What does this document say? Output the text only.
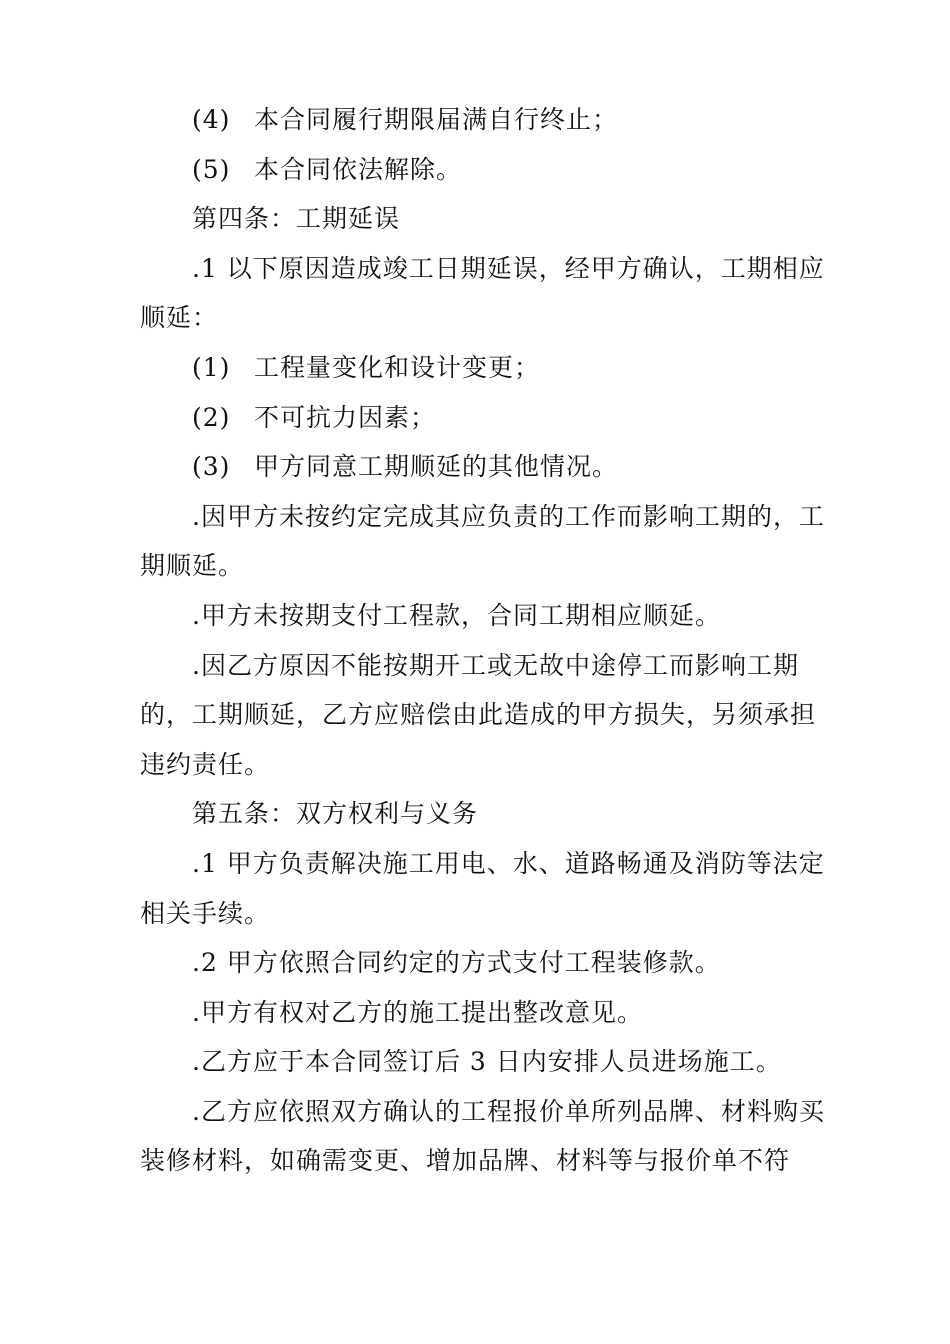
(4) 本合同履行期限届满自行终止；
(5) 本合同依法解除。
第四条：工期延误
.1 以下原因造成竣工日期延误，经甲方确认，工期相应
顺延：
(1) 工程量变化和设计变更；
(2) 不可抗力因素；
(3) 甲方同意工期顺延的其他情况。
.因甲方未按约定完成其应负责的工作而影响工期的，工
期顺延。
.甲方未按期支付工程款，合同工期相应顺延。
.因乙方原因不能按期开工或无故中途停工而影响工期
的，工期顺延，乙方应赔偿由此造成的甲方损失，另须承担
违约责任。
第五条：双方权利与义务
.1 甲方负责解决施工用电、水、道路畅通及消防等法定
相关手续。
.2 甲方依照合同约定的方式支付工程装修款。
.甲方有权对乙方的施工提出整改意见。
.乙方应于本合同签订后 3 日内安排人员进场施工。
.乙方应依照双方确认的工程报价单所列品牌、材料购买
装修材料，如确需变更、增加品牌、材料等与报价单不符
